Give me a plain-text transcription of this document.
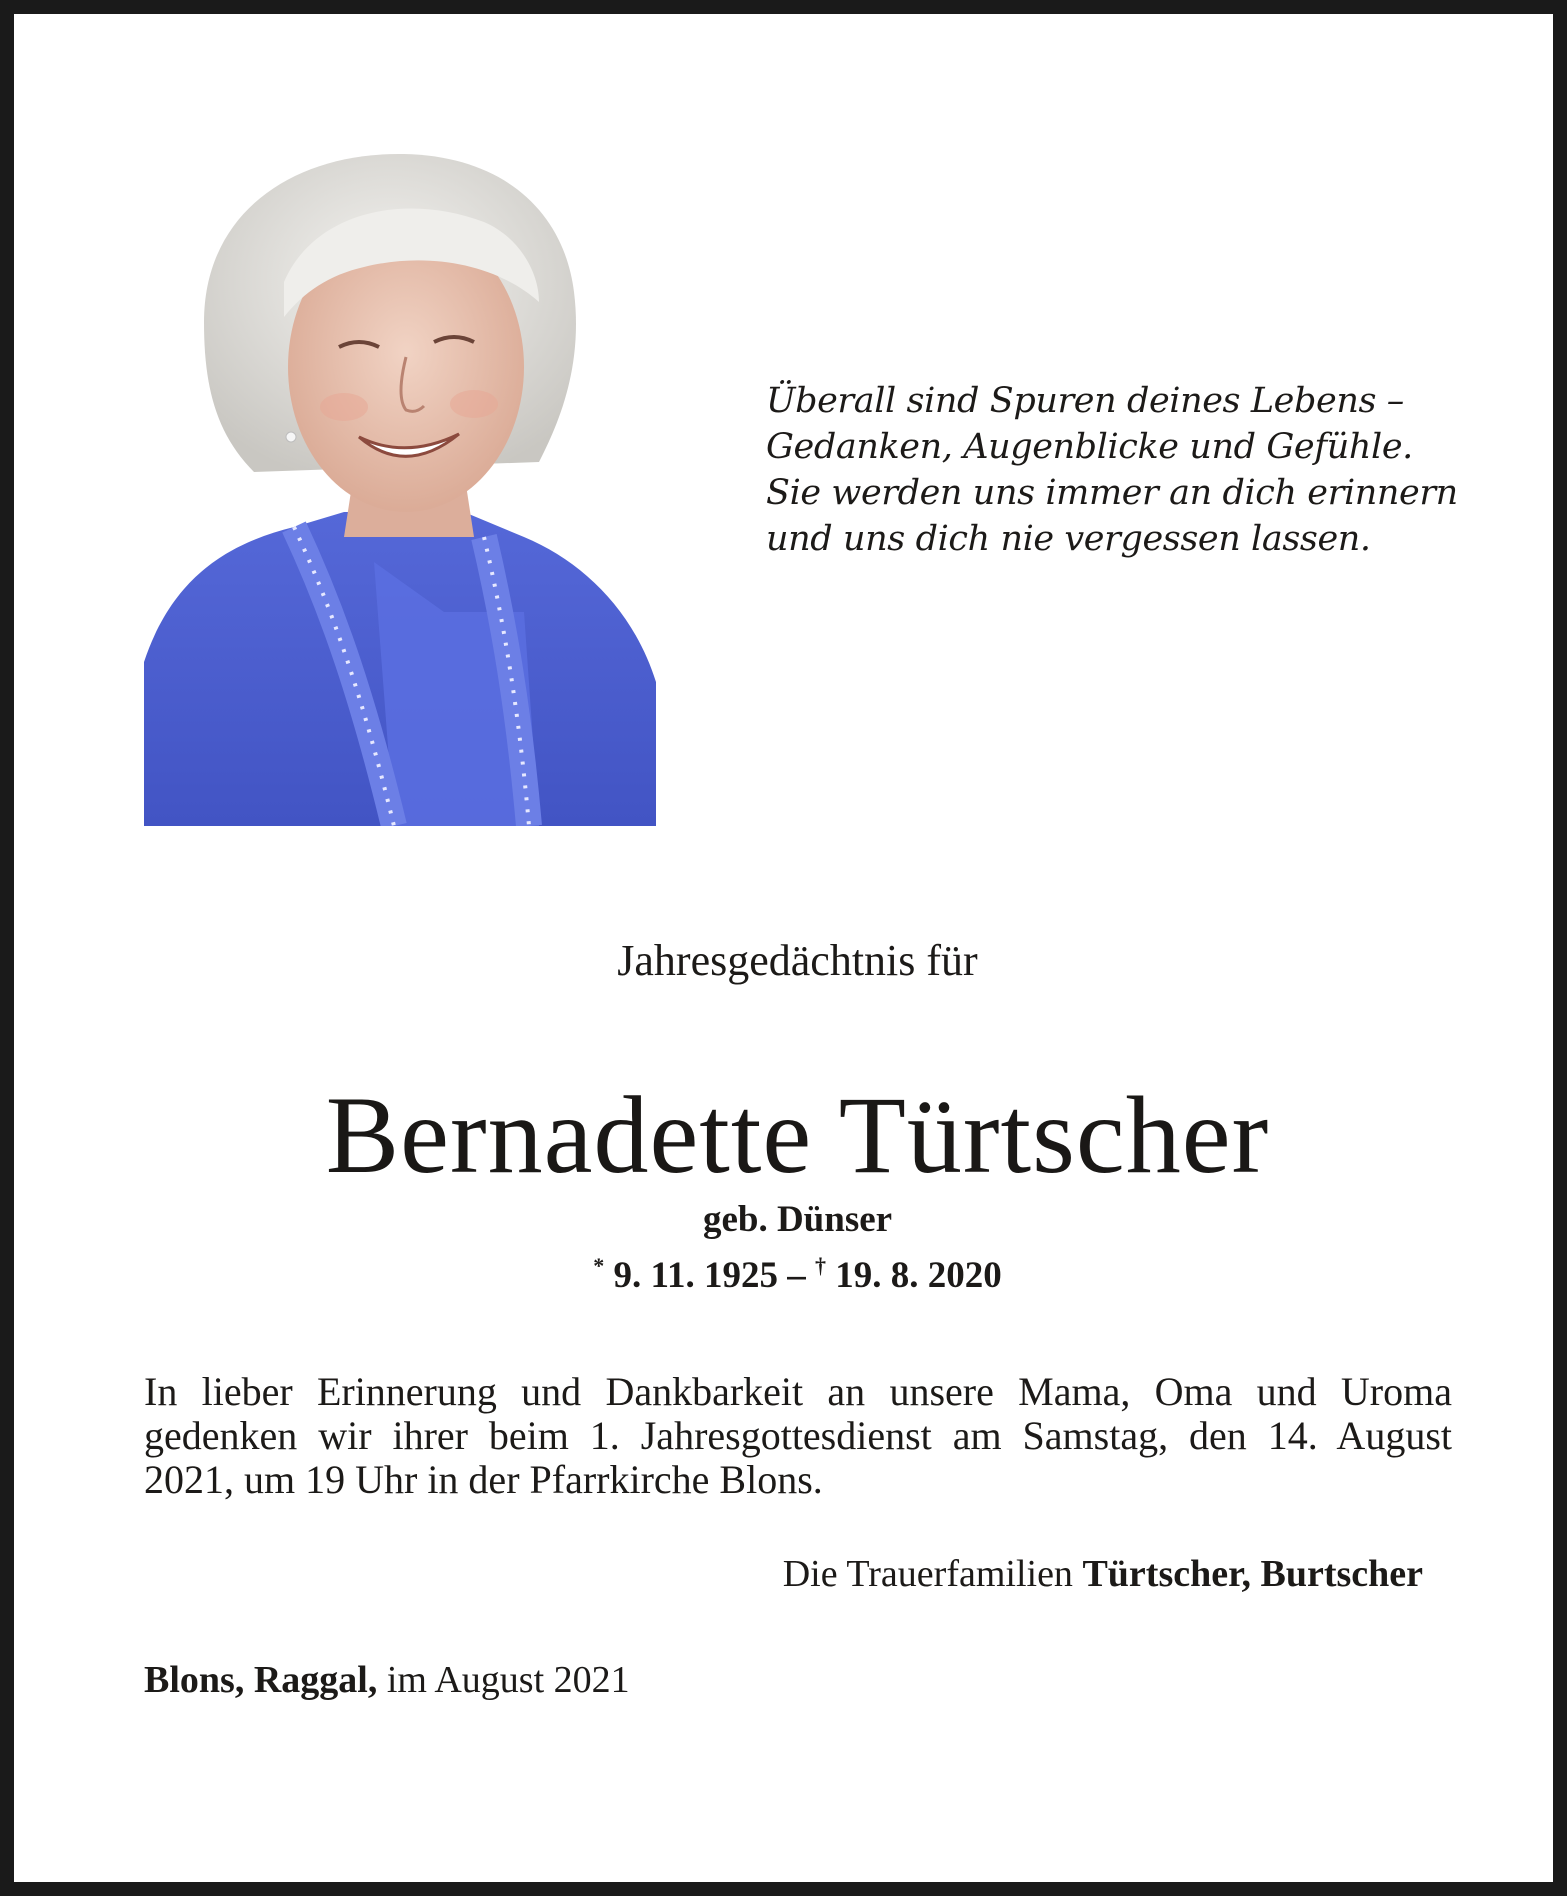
Überall sind Spuren deines Lebens –
Gedanken, Augenblicke und Gefühle.
Sie werden uns immer an dich erinnern
und uns dich nie vergessen lassen.
Jahresgedächtnis für
Bernadette Türtscher
geb. Dünser
* 9. 11. 1925 – † 19. 8. 2020
In lieber Erinnerung und Dankbarkeit an unsere Mama, Oma und Uroma
gedenken wir ihrer beim 1. Jahresgottesdienst am Samstag, den 14. August
2021, um 19 Uhr in der Pfarrkirche Blons.
Die Trauerfamilien Türtscher, Burtscher
Blons, Raggal, im August 2021
